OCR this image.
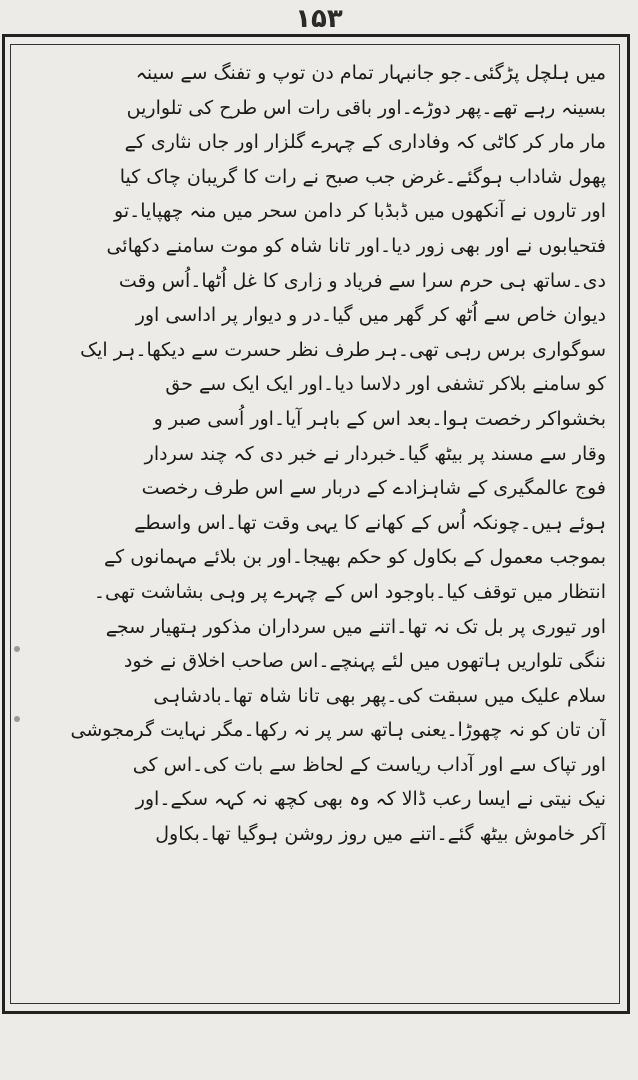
۱۵۳
میں ہلچل پڑگئی۔جو جانبہار تمام دن توپ و تفنگ سے سینہ
بسینہ رہے تھے۔پھر دوڑے۔اور باقی رات اس طرح کی تلواریں
مار مار کر کاٹی کہ وفاداری کے چہرے گلزار اور جاں نثاری کے
پھول شاداب ہوگئے۔غرض جب صبح نے رات کا گریبان چاک کیا
اور تاروں نے آنکھوں میں ڈبڈبا کر دامن سحر میں منہ چھپایا۔تو
فتحیابوں نے اور بھی زور دیا۔اور تانا شاہ کو موت سامنے دکھائی
دی۔ساتھ ہی حرم سرا سے فریاد و زاری کا غل اُٹھا۔اُس وقت
دیوان خاص سے اُٹھ کر گھر میں گیا۔در و دیوار پر اداسی اور
سوگواری برس رہی تھی۔ہر طرف نظر حسرت سے دیکھا۔ہر ایک
کو سامنے بلاکر تشفی اور دلاسا دیا۔اور ایک ایک سے حق
بخشواکر رخصت ہوا۔بعد اس کے باہر آیا۔اور اُسی صبر و
وقار سے مسند پر بیٹھ گیا۔خبردار نے خبر دی کہ چند سردار
فوج عالمگیری کے شاہزادے کے دربار سے اس طرف رخصت
ہوئے ہیں۔چونکہ اُس کے کھانے کا یہی وقت تھا۔اس واسطے
بموجب معمول کے بکاول کو حکم بھیجا۔اور بن بلائے مہمانوں کے
انتظار میں توقف کیا۔باوجود اس کے چہرے پر وہی بشاشت تھی۔
اور تیوری پر بل تک نہ تھا۔اتنے میں سرداران مذکور ہتھیار سجے
ننگی تلواریں ہاتھوں میں لئے پہنچے۔اس صاحب اخلاق نے خود
سلام علیک میں سبقت کی۔پھر بھی تانا شاہ تھا۔بادشاہی
آن تان کو نہ چھوڑا۔یعنی ہاتھ سر پر نہ رکھا۔مگر نہایت گرمجوشی
اور تپاک سے اور آداب ریاست کے لحاظ سے بات کی۔اس کی
نیک نیتی نے ایسا رعب ڈالا کہ وہ بھی کچھ نہ کہہ سکے۔اور
آکر خاموش بیٹھ گئے۔اتنے میں روز روشن ہوگیا تھا۔بکاول
